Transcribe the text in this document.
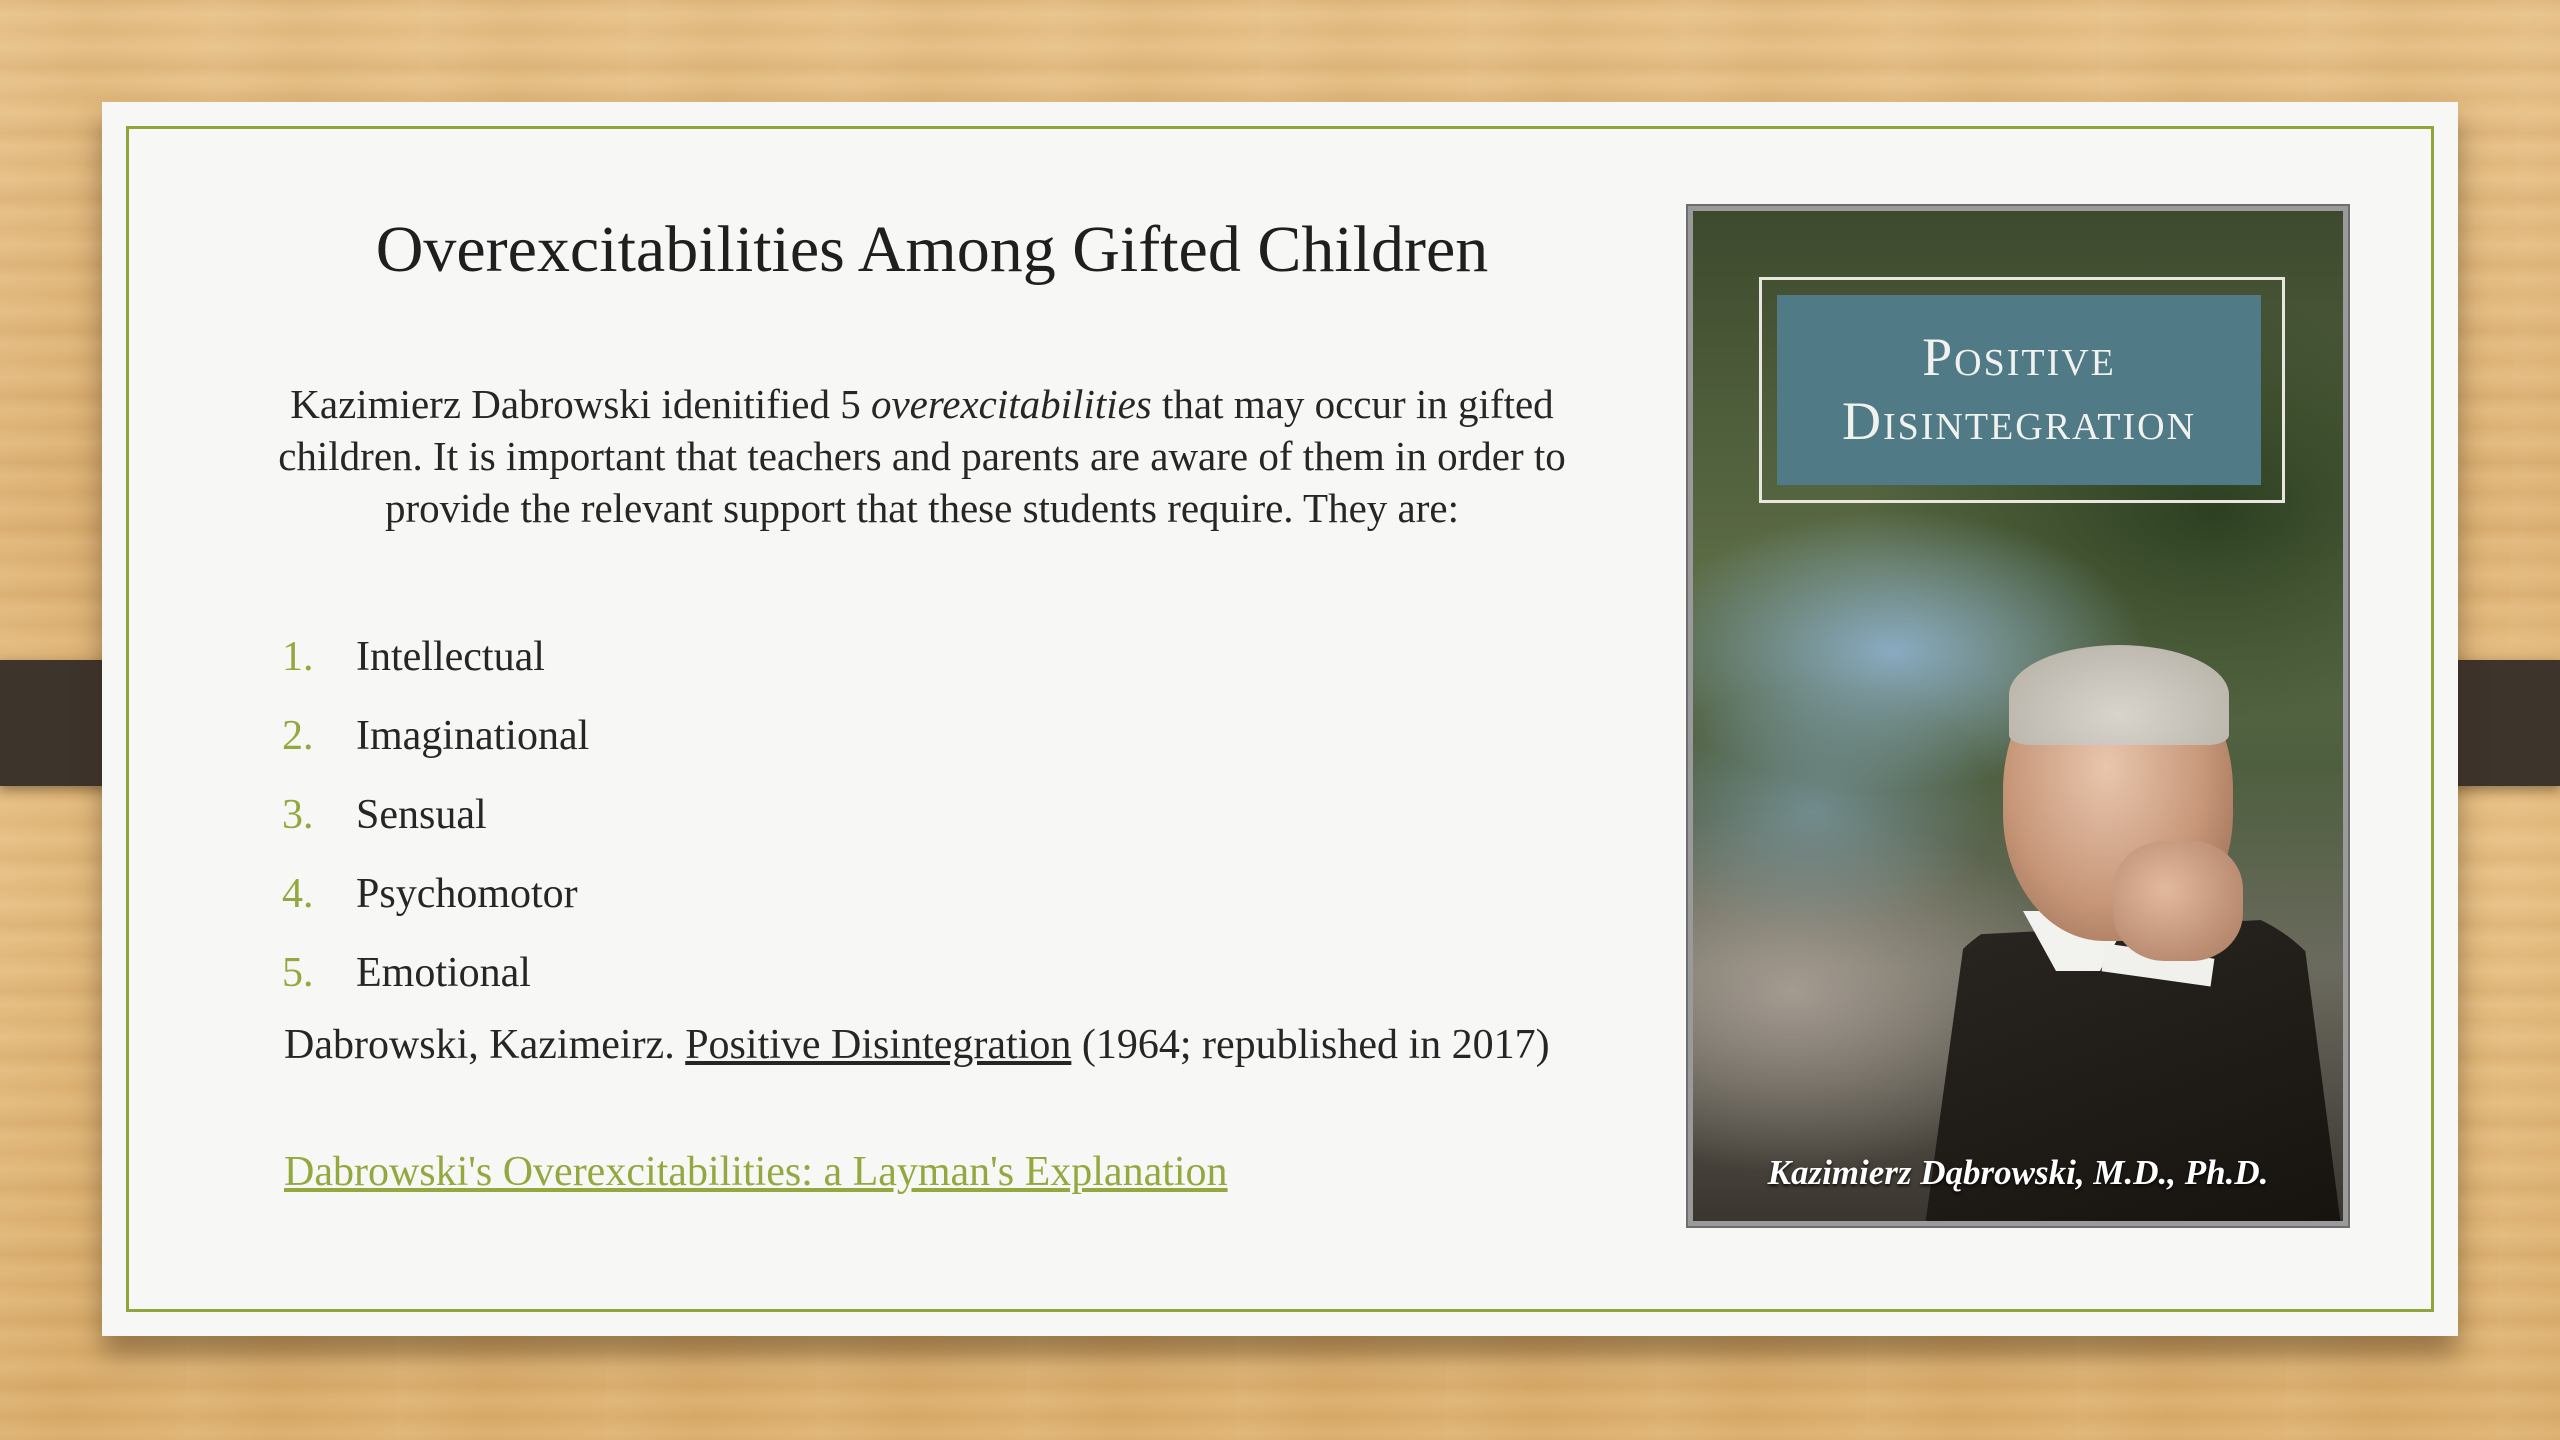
Overexcitabilities Among Gifted Children
Kazimierz Dabrowski idenitified 5 overexcitabilities that may occur in gifted children. It is important that teachers and parents are aware of them in order to provide the relevant support that these students require. They are:
1.	Intellectual
2.	Imaginational
3.	Sensual
4.	Psychomotor
5.	Emotional
Dabrowski, Kazimeirz. Positive Disintegration (1964; republished in 2017)
Dabrowski's Overexcitabilities: a Layman's Explanation
Positive
Disintegration
Kazimierz Dąbrowski, M.D., Ph.D.
